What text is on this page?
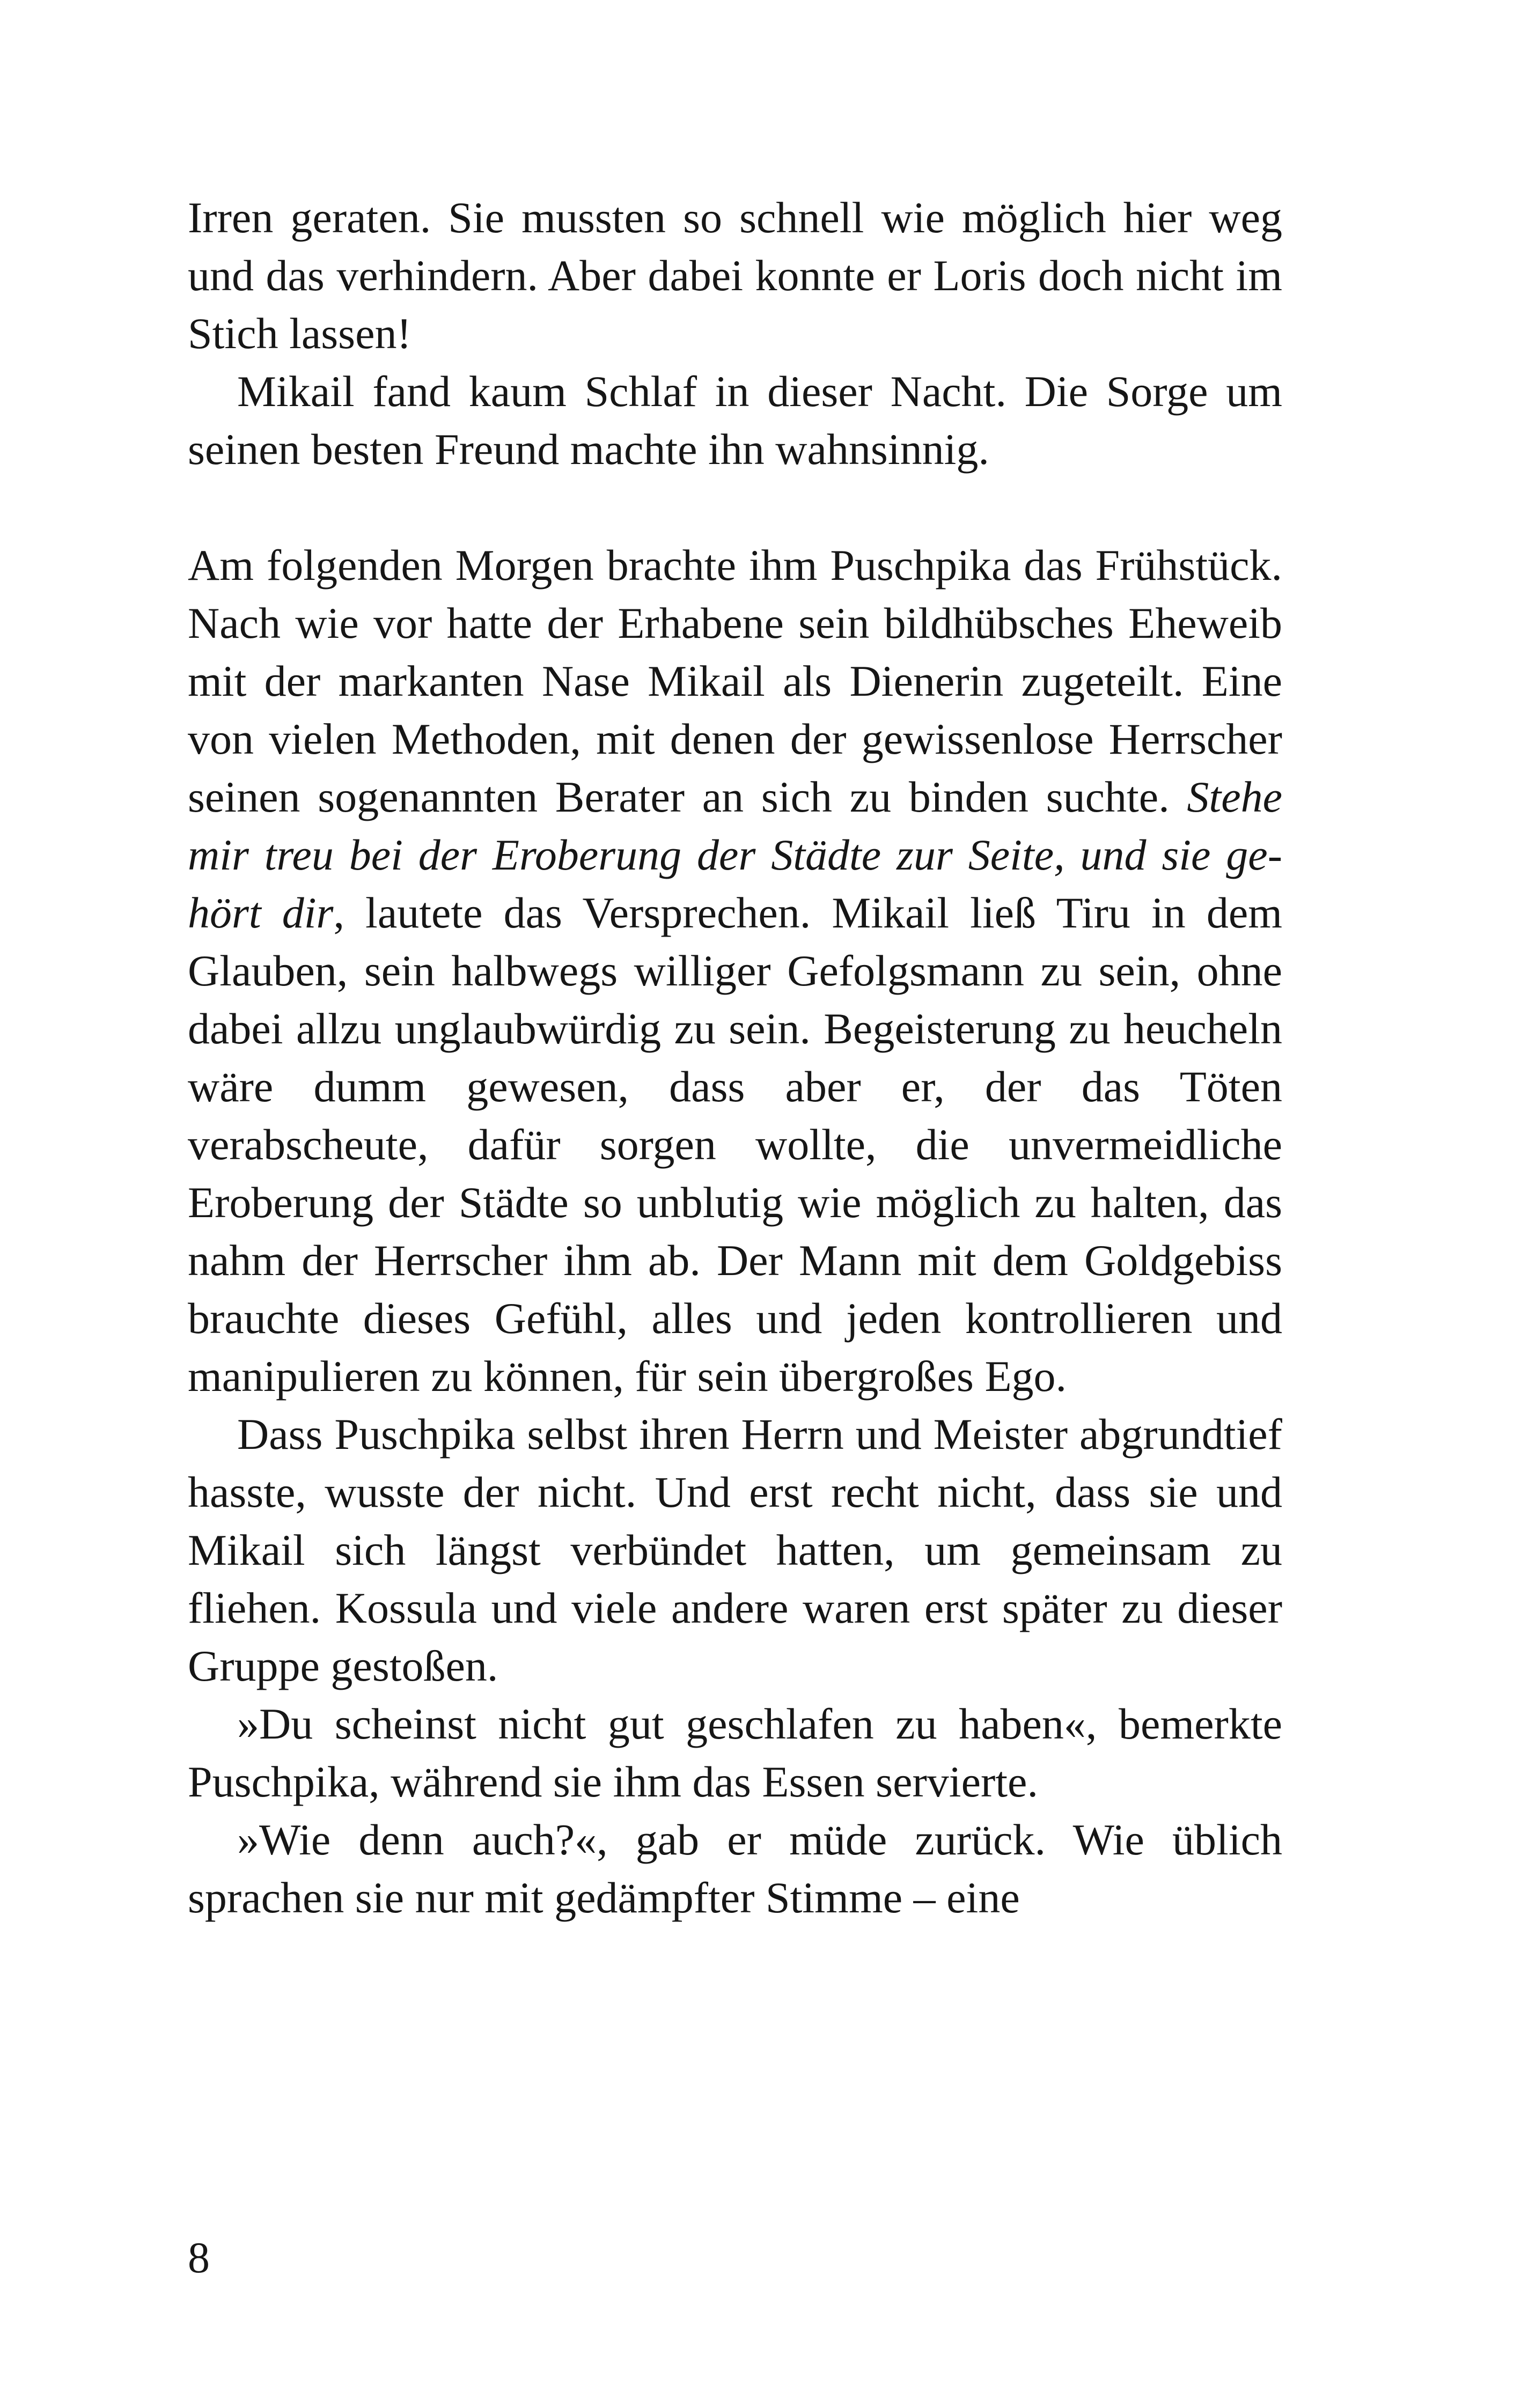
Irren geraten. Sie mussten so schnell wie möglich hier weg und das verhindern. Aber dabei konnte er Loris doch nicht im Stich lassen!

Mikail fand kaum Schlaf in dieser Nacht. Die Sorge um seinen besten Freund machte ihn wahnsinnig.

Am folgenden Morgen brachte ihm Puschpika das Frühstück. Nach wie vor hatte der Erhabene sein bildhübsches Eheweib mit der markanten Nase Mikail als Dienerin zugeteilt. Eine von vielen Methoden, mit denen der gewissenlose Herrscher seinen sogenannten Berater an sich zu binden suchte. Stehe mir treu bei der Eroberung der Städte zur Seite, und sie gehört dir, lautete das Versprechen. Mikail ließ Tiru in dem Glauben, sein halbwegs williger Gefolgsmann zu sein, ohne dabei allzu unglaubwürdig zu sein. Begeisterung zu heucheln wäre dumm gewesen, dass aber er, der das Töten verabscheute, dafür sorgen wollte, die unvermeidliche Eroberung der Städte so unblutig wie möglich zu halten, das nahm der Herrscher ihm ab. Der Mann mit dem Goldgebiss brauchte dieses Gefühl, alles und jeden kontrollieren und manipulieren zu können, für sein übergroßes Ego.

Dass Puschpika selbst ihren Herrn und Meister abgrundtief hasste, wusste der nicht. Und erst recht nicht, dass sie und Mikail sich längst verbündet hatten, um gemeinsam zu fliehen. Kossula und viele andere waren erst später zu dieser Gruppe gestoßen.

»Du scheinst nicht gut geschlafen zu haben«, bemerkte Puschpika, während sie ihm das Essen servierte.

»Wie denn auch?«, gab er müde zurück. Wie üblich sprachen sie nur mit gedämpfter Stimme – eine

8
